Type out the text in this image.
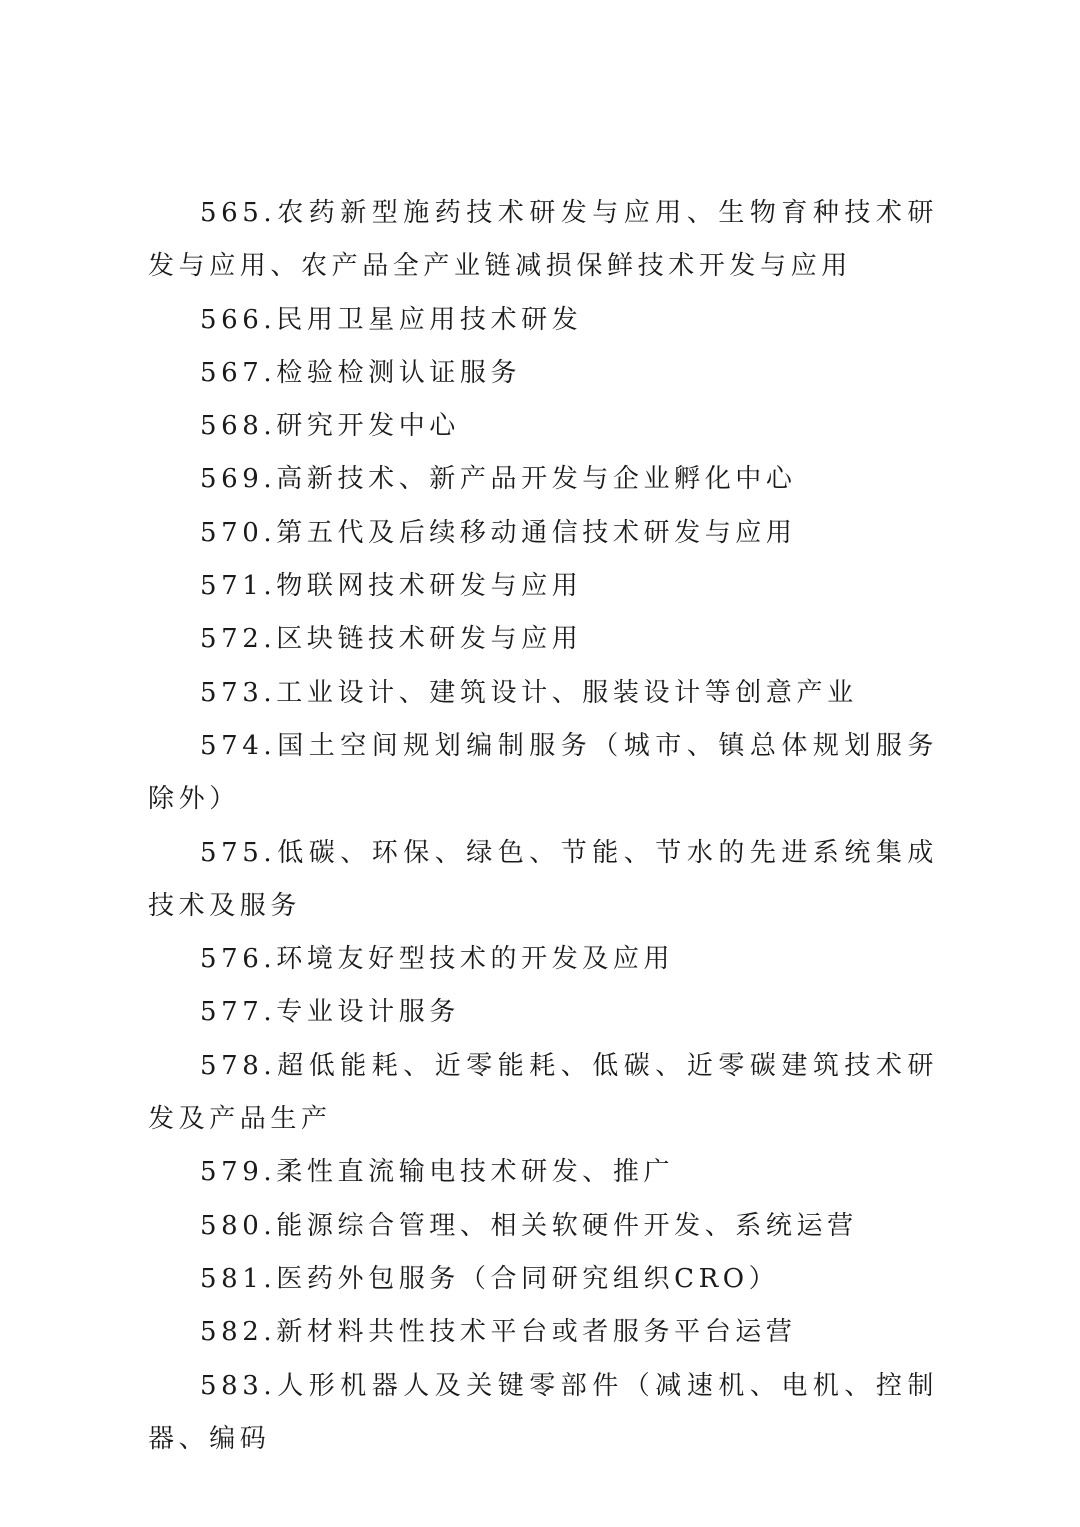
565.农药新型施药技术研发与应用、生物育种技术研发与应用、农产品全产业链减损保鲜技术开发与应用

566.民用卫星应用技术研发

567.检验检测认证服务

568.研究开发中心

569.高新技术、新产品开发与企业孵化中心

570.第五代及后续移动通信技术研发与应用

571.物联网技术研发与应用

572.区块链技术研发与应用

573.工业设计、建筑设计、服装设计等创意产业

574.国土空间规划编制服务（城市、镇总体规划服务除外）

575.低碳、环保、绿色、节能、节水的先进系统集成技术及服务

576.环境友好型技术的开发及应用

577.专业设计服务

578.超低能耗、近零能耗、低碳、近零碳建筑技术研发及产品生产

579.柔性直流输电技术研发、推广

580.能源综合管理、相关软硬件开发、系统运营

581.医药外包服务（合同研究组织CRO）

582.新材料共性技术平台或者服务平台运营

583.人形机器人及关键零部件（减速机、电机、控制器、编码
